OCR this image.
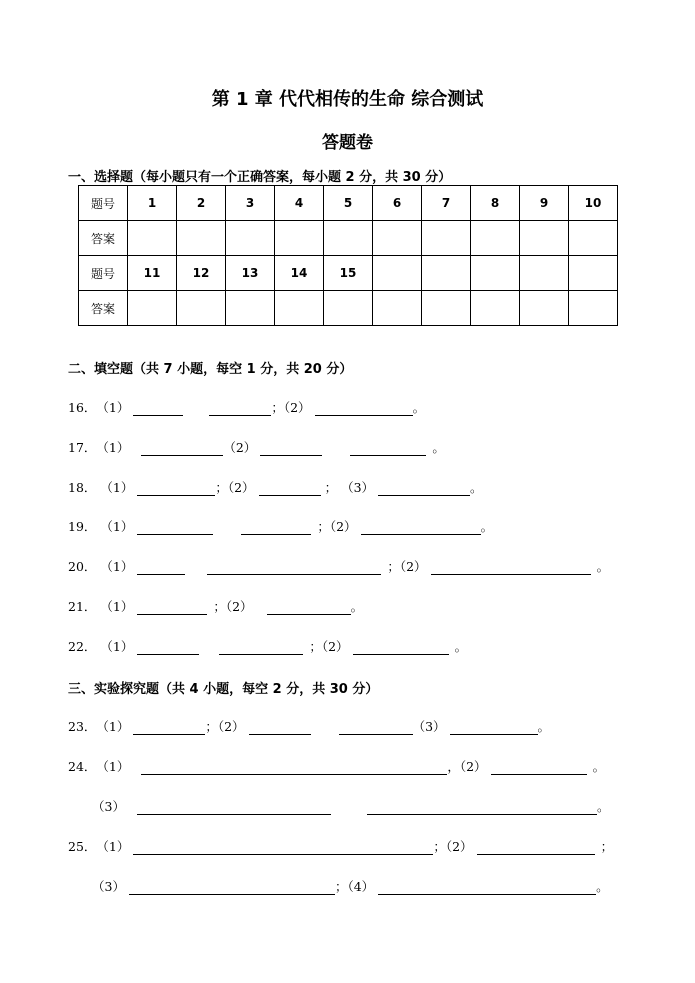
第 1 章 代代相传的生命 综合测试
答题卷
一、选择题（每小题只有一个正确答案，每小题 2 分，共 30 分）
题号	1	2	3	4	5	6	7	8	9	10
答案										
题号	11	12	13	14	15					
答案										
二、填空题（共 7 小题，每空 1 分，共 20 分）
16．（1）	；（2）	。
17．（1）	（2）	。
18． （1）	；（2）	； （3）	。
19． （1）	；（2）	。
20． （1）	；（2）	。
21． （1）	；（2）	。
22． （1）	；（2）	。
三、实验探究题（共 4 小题，每空 2 分，共 30 分）
23．（1）	；（2）	（3）	。
24．（1）	，（2）	。
（3）	。
25．（1）	；（2）	；
（3）	；（4）	。
